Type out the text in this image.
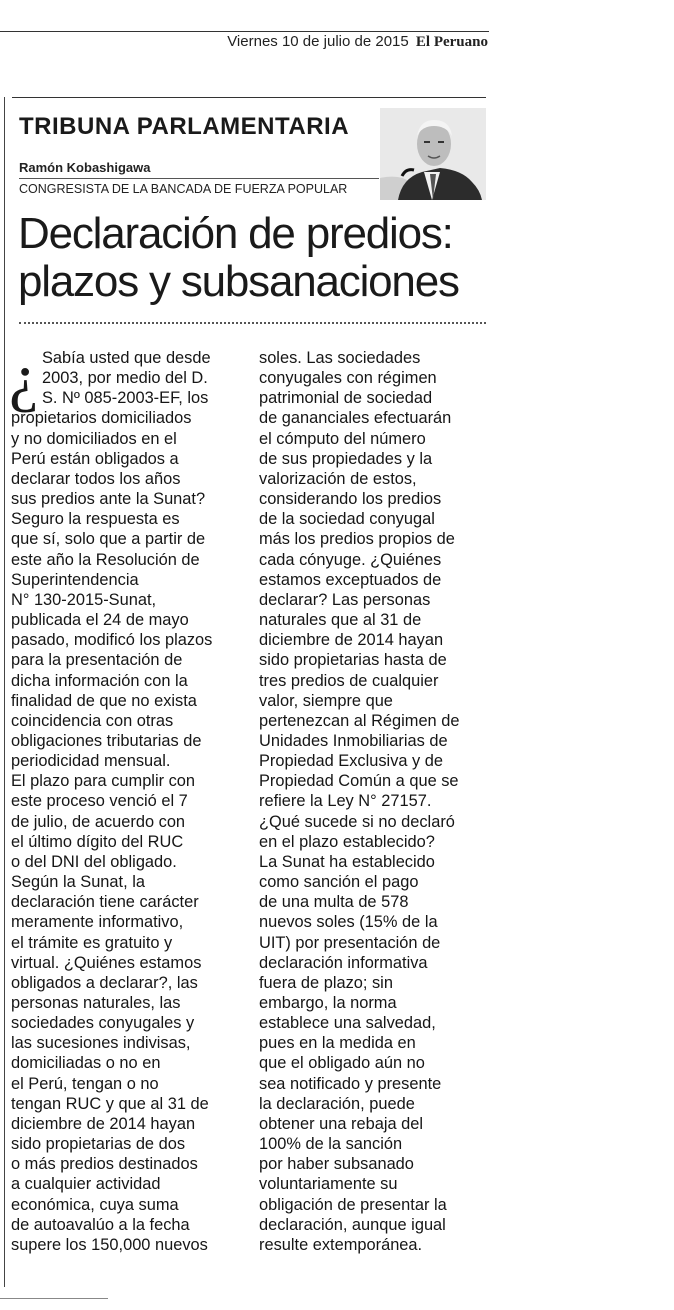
Viernes 10 de julio de 2015 El Peruano
TRIBUNA PARLAMENTARIA
Ramón Kobashigawa
CONGRESISTA DE LA BANCADA DE FUERZA POPULAR
Declaración de predios:
plazos y subsanaciones
¿ Sabía usted que desde
2003, por medio del D.
S. Nº 085-2003-EF, los
propietarios domiciliados
y no domiciliados en el
Perú están obligados a
declarar todos los años
sus predios ante la Sunat?
Seguro la respuesta es
que sí, solo que a partir de
este año la Resolución de
Superintendencia
N° 130-2015-Sunat,
publicada el 24 de mayo
pasado, modificó los plazos
para la presentación de
dicha información con la
finalidad de que no exista
coincidencia con otras
obligaciones tributarias de
periodicidad mensual.
El plazo para cumplir con
este proceso venció el 7
de julio, de acuerdo con
el último dígito del RUC
o del DNI del obligado.
Según la Sunat, la
declaración tiene carácter
meramente informativo,
el trámite es gratuito y
virtual. ¿Quiénes estamos
obligados a declarar?, las
personas naturales, las
sociedades conyugales y
las sucesiones indivisas,
domiciliadas o no en
el Perú, tengan o no
tengan RUC y que al 31 de
diciembre de 2014 hayan
sido propietarias de dos
o más predios destinados
a cualquier actividad
económica, cuya suma
de autoavalúo a la fecha
supere los 150,000 nuevos
soles. Las sociedades
conyugales con régimen
patrimonial de sociedad
de gananciales efectuarán
el cómputo del número
de sus propiedades y la
valorización de estos,
considerando los predios
de la sociedad conyugal
más los predios propios de
cada cónyuge. ¿Quiénes
estamos exceptuados de
declarar? Las personas
naturales que al 31 de
diciembre de 2014 hayan
sido propietarias hasta de
tres predios de cualquier
valor, siempre que
pertenezcan al Régimen de
Unidades Inmobiliarias de
Propiedad Exclusiva y de
Propiedad Común a que se
refiere la Ley N° 27157.
¿Qué sucede si no declaró
en el plazo establecido?
La Sunat ha establecido
como sanción el pago
de una multa de 578
nuevos soles (15% de la
UIT) por presentación de
declaración informativa
fuera de plazo; sin
embargo, la norma
establece una salvedad,
pues en la medida en
que el obligado aún no
sea notificado y presente
la declaración, puede
obtener una rebaja del
100% de la sanción
por haber subsanado
voluntariamente su
obligación de presentar la
declaración, aunque igual
resulte extemporánea.
